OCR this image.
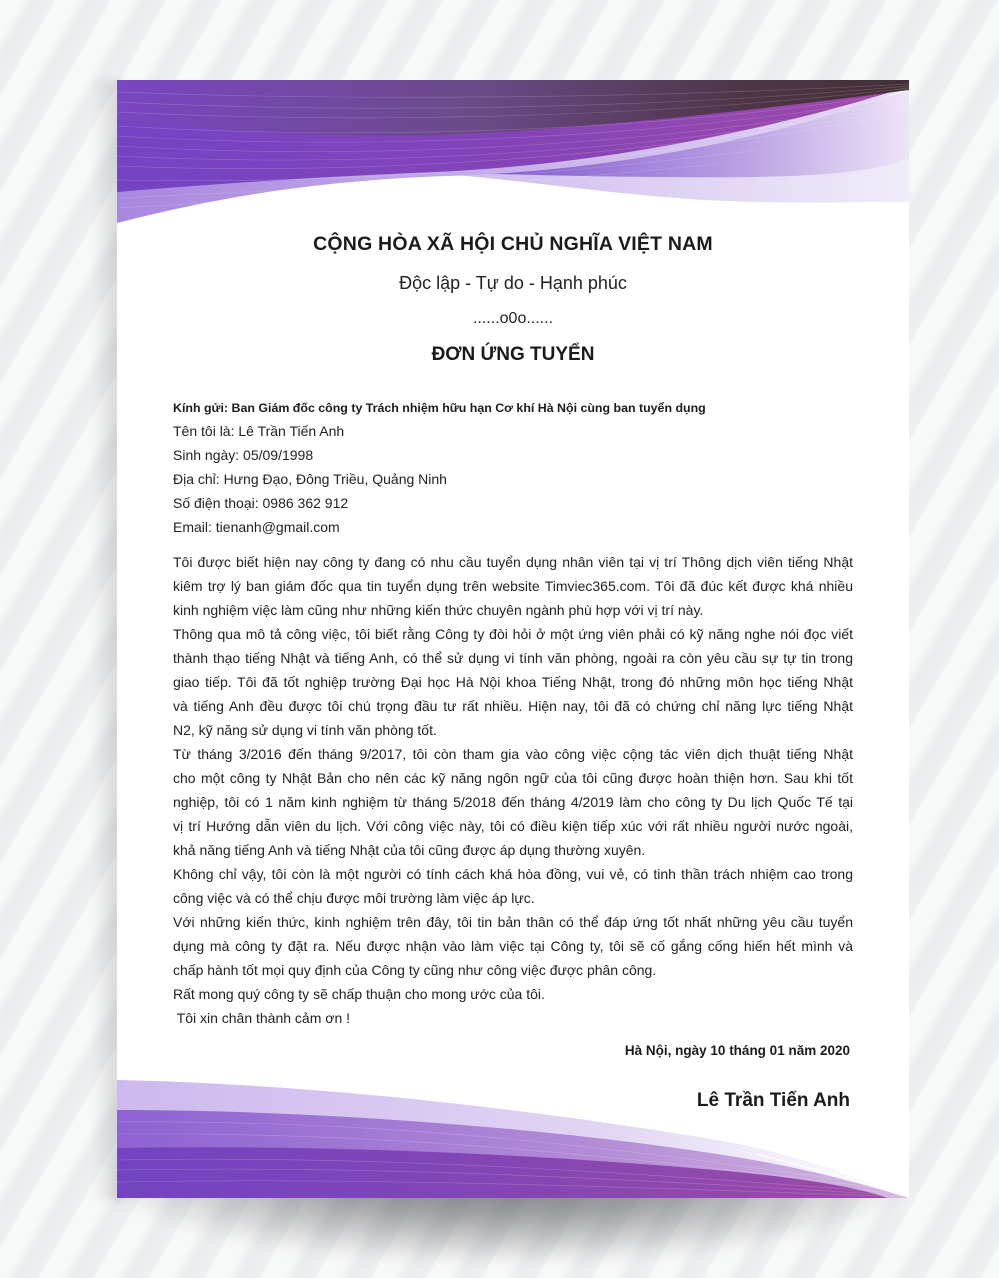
CỘNG HÒA XÃ HỘI CHỦ NGHĨA VIỆT NAM
Độc lập - Tự do - Hạnh phúc
......o0o......
ĐƠN ỨNG TUYỂN
Kính gửi: Ban Giám đốc công ty Trách nhiệm hữu hạn Cơ khí Hà Nội cùng ban tuyển dụng
Tên tôi là: Lê Trần Tiến Anh
Sinh ngày: 05/09/1998
Địa chỉ: Hưng Đạo, Đông Triều, Quảng Ninh
Số điện thoại: 0986 362 912
Email: tienanh@gmail.com
Tôi được biết hiện nay công ty đang có nhu cầu tuyển dụng nhân viên tại vị trí Thông dịch viên tiếng Nhật
kiêm trợ lý ban giám đốc qua tin tuyển dụng trên website Timviec365.com. Tôi đã đúc kết được khá nhiều
kinh nghiệm việc làm cũng như những kiến thức chuyên ngành phù hợp với vị trí này.
Thông qua mô tả công việc, tôi biết rằng Công ty đòi hỏi ở một ứng viên phải có kỹ năng nghe nói đọc viết
thành thạo tiếng Nhật và tiếng Anh, có thể sử dụng vi tính văn phòng, ngoài ra còn yêu cầu sự tự tin trong
giao tiếp. Tôi đã tốt nghiệp trường Đại học Hà Nội khoa Tiếng Nhật, trong đó những môn học tiếng Nhật
và tiếng Anh đều được tôi chú trọng đầu tư rất nhiều. Hiện nay, tôi đã có chứng chỉ năng lực tiếng Nhật
N2, kỹ năng sử dụng vi tính văn phòng tốt.
Từ tháng 3/2016 đến tháng 9/2017, tôi còn tham gia vào công việc cộng tác viên dịch thuật tiếng Nhật
cho một công ty Nhật Bản cho nên các kỹ năng ngôn ngữ của tôi cũng được hoàn thiện hơn. Sau khi tốt
nghiệp, tôi có 1 năm kinh nghiệm từ tháng 5/2018 đến tháng 4/2019 làm cho công ty Du lịch Quốc Tế tại
vị trí Hướng dẫn viên du lịch. Với công việc này, tôi có điều kiện tiếp xúc với rất nhiều người nước ngoài,
khả năng tiếng Anh và tiếng Nhật của tôi cũng được áp dụng thường xuyên.
Không chỉ vậy, tôi còn là một người có tính cách khá hòa đồng, vui vẻ, có tinh thần trách nhiệm cao trong
công việc và có thể chịu được môi trường làm việc áp lực.
Với những kiến thức, kinh nghiệm trên đây, tôi tin bản thân có thể đáp ứng tốt nhất những yêu cầu tuyển
dụng mà công ty đặt ra. Nếu được nhận vào làm việc tại Công ty, tôi sẽ cố gắng cống hiến hết mình và
chấp hành tốt mọi quy định của Công ty cũng như công việc được phân công.
Rất mong quý công ty sẽ chấp thuận cho mong ước của tôi.
Tôi xin chân thành cảm ơn !
Hà Nội, ngày 10 tháng 01 năm 2020
Lê Trần Tiến Anh
